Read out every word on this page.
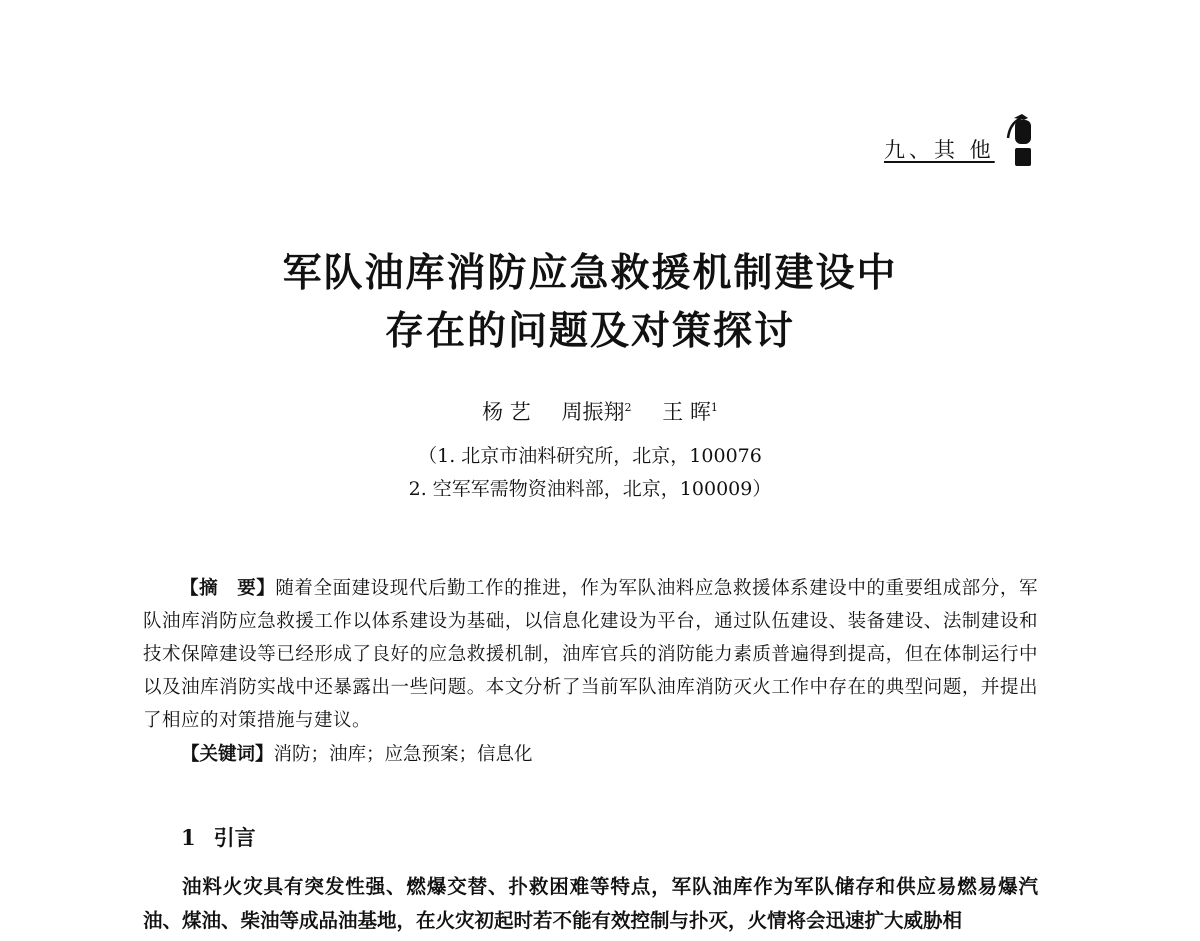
九、其 他
军队油库消防应急救援机制建设中
存在的问题及对策探讨
杨 艺 周振翔$^2$ 王 晖$^1$
（1. 北京市油料研究所，北京，100076
2. 空军军需物资油料部，北京，100009）
【摘　要】随着全面建设现代后勤工作的推进，作为军队油料应急救援体系建设中的重要组成部分，军队油库消防应急救援工作以体系建设为基础，以信息化建设为平台，通过队伍建设、装备建设、法制建设和技术保障建设等已经形成了良好的应急救援机制，油库官兵的消防能力素质普遍得到提高，但在体制运行中以及油库消防实战中还暴露出一些问题。本文分析了当前军队油库消防灭火工作中存在的典型问题，并提出了相应的对策措施与建议。
【关键词】消防；油库；应急预案；信息化
1 引言
油料火灾具有突发性强、燃爆交替、扑救困难等特点，军队油库作为军队储存和供应易燃易爆汽油、煤油、柴油等成品油基地，在火灾初起时若不能有效控制与扑灭，火情将会迅速扩大威胁相
